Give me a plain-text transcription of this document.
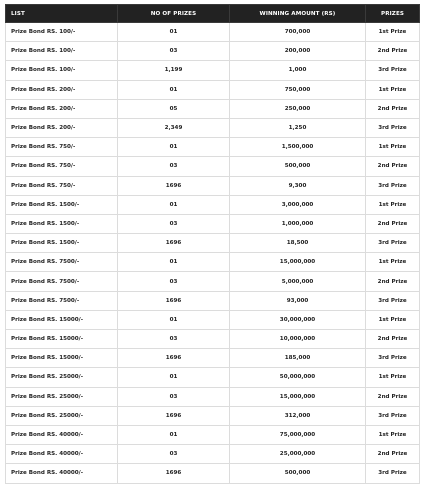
LIST	NO OF PRIZES	WINNING AMOUNT (RS)	PRIZES
Prize Bond RS. 100/-	01	700,000	1st Prize
Prize Bond RS. 100/-	03	200,000	2nd Prize
Prize Bond RS. 100/-	1,199	1,000	3rd Prize
Prize Bond RS. 200/-	01	750,000	1st Prize
Prize Bond RS. 200/-	05	250,000	2nd Prize
Prize Bond RS. 200/-	2,349	1,250	3rd Prize
Prize Bond RS. 750/-	01	1,500,000	1st Prize
Prize Bond RS. 750/-	03	500,000	2nd Prize
Prize Bond RS. 750/-	1696	9,300	3rd Prize
Prize Bond RS. 1500/-	01	3,000,000	1st Prize
Prize Bond RS. 1500/-	03	1,000,000	2nd Prize
Prize Bond RS. 1500/-	1696	18,500	3rd Prize
Prize Bond RS. 7500/-	01	15,000,000	1st Prize
Prize Bond RS. 7500/-	03	5,000,000	2nd Prize
Prize Bond RS. 7500/-	1696	93,000	3rd Prize
Prize Bond RS. 15000/-	01	30,000,000	1st Prize
Prize Bond RS. 15000/-	03	10,000,000	2nd Prize
Prize Bond RS. 15000/-	1696	185,000	3rd Prize
Prize Bond RS. 25000/-	01	50,000,000	1st Prize
Prize Bond RS. 25000/-	03	15,000,000	2nd Prize
Prize Bond RS. 25000/-	1696	312,000	3rd Prize
Prize Bond RS. 40000/-	01	75,000,000	1st Prize
Prize Bond RS. 40000/-	03	25,000,000	2nd Prize
Prize Bond RS. 40000/-	1696	500,000	3rd Prize
